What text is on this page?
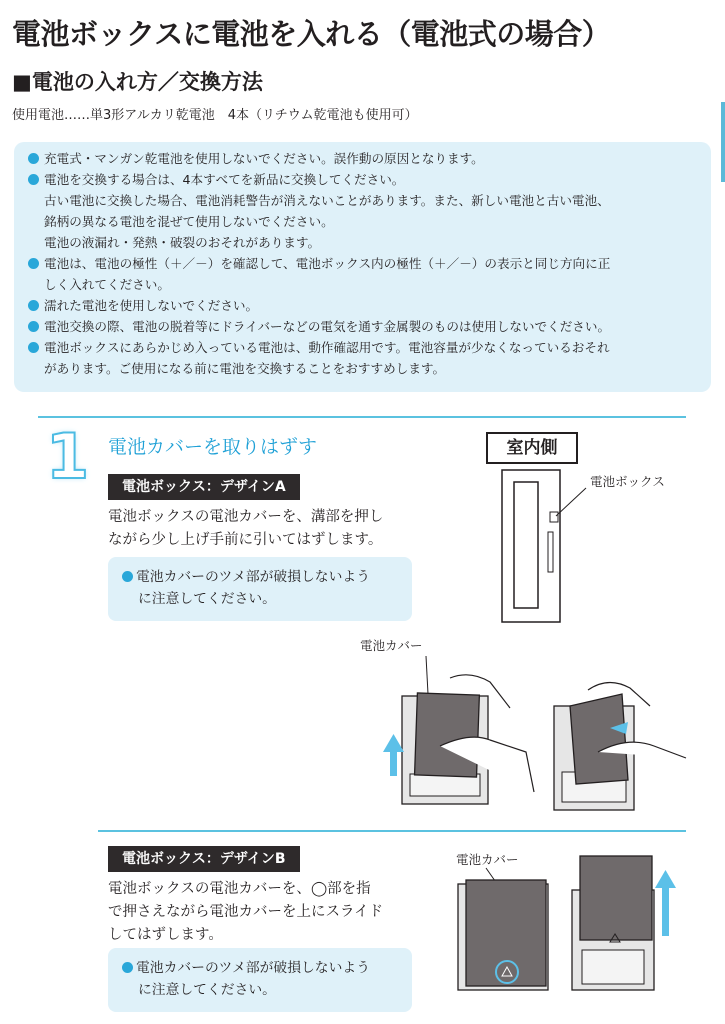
電池ボックスに電池を入れる（電池式の場合）
■電池の入れ方／交換方法
使用電池……単3形アルカリ乾電池　4本（リチウム乾電池も使用可）
充電式・マンガン乾電池を使用しないでください。誤作動の原因となります。
電池を交換する場合は、4本すべてを新品に交換してください。
古い電池に交換した場合、電池消耗警告が消えないことがあります。また、新しい電池と古い電池、
銘柄の異なる電池を混ぜて使用しないでください。
電池の液漏れ・発熱・破裂のおそれがあります。
電池は、電池の極性（＋／－）を確認して、電池ボックス内の極性（＋／－）の表示と同じ方向に正
しく入れてください。
濡れた電池を使用しないでください。
電池交換の際、電池の脱着等にドライバーなどの電気を通す金属製のものは使用しないでください。
電池ボックスにあらかじめ入っている電池は、動作確認用です。電池容量が少なくなっているおそれ
があります。ご使用になる前に電池を交換することをおすすめします。
1 電池カバーを取りはずす
電池ボックス：デザインA
電池ボックスの電池カバーを、溝部を押し
ながら少し上げ手前に引いてはずします。
電池カバーのツメ部が破損しないよう
に注意してください。
室内側
電池ボックス
電池カバー
電池ボックス：デザインB
電池ボックスの電池カバーを、◯部を指
で押さえながら電池カバーを上にスライド
してはずします。
電池カバーのツメ部が破損しないよう
に注意してください。
電池カバー
